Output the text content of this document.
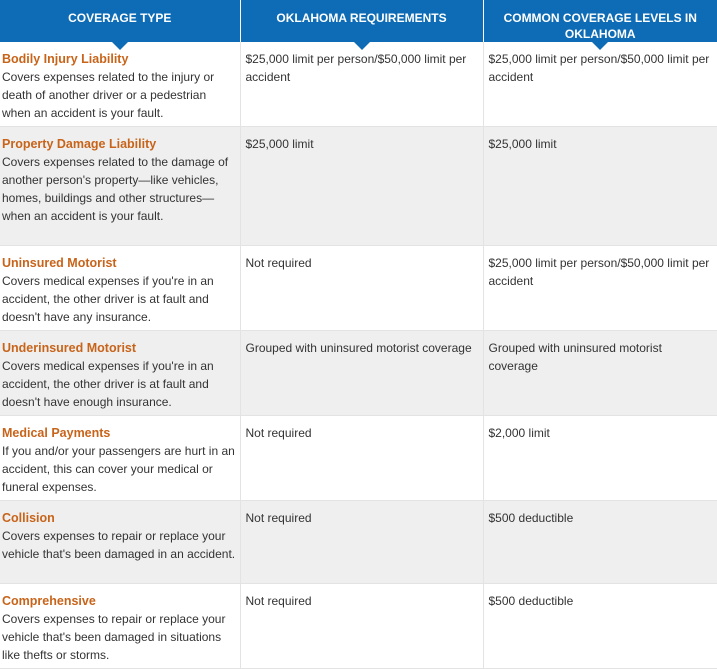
COVERAGE TYPE	OKLAHOMA REQUIREMENTS	COMMON COVERAGE LEVELS IN OKLAHOMA

Bodily Injury Liability
Covers expenses related to the injury or death of another driver or a pedestrian when an accident is your fault.	$25,000 limit per person/$50,000 limit per accident	$25,000 limit per person/$50,000 limit per accident

Property Damage Liability
Covers expenses related to the damage of another person's property—like vehicles, homes, buildings and other structures—when an accident is your fault.	$25,000 limit	$25,000 limit

Uninsured Motorist
Covers medical expenses if you're in an accident, the other driver is at fault and doesn't have any insurance.	Not required	$25,000 limit per person/$50,000 limit per accident

Underinsured Motorist
Covers medical expenses if you're in an accident, the other driver is at fault and doesn't have enough insurance.	Grouped with uninsured motorist coverage	Grouped with uninsured motorist coverage

Medical Payments
If you and/or your passengers are hurt in an accident, this can cover your medical or funeral expenses.	Not required	$2,000 limit

Collision
Covers expenses to repair or replace your vehicle that's been damaged in an accident.	Not required	$500 deductible

Comprehensive
Covers expenses to repair or replace your vehicle that's been damaged in situations like thefts or storms.	Not required	$500 deductible
